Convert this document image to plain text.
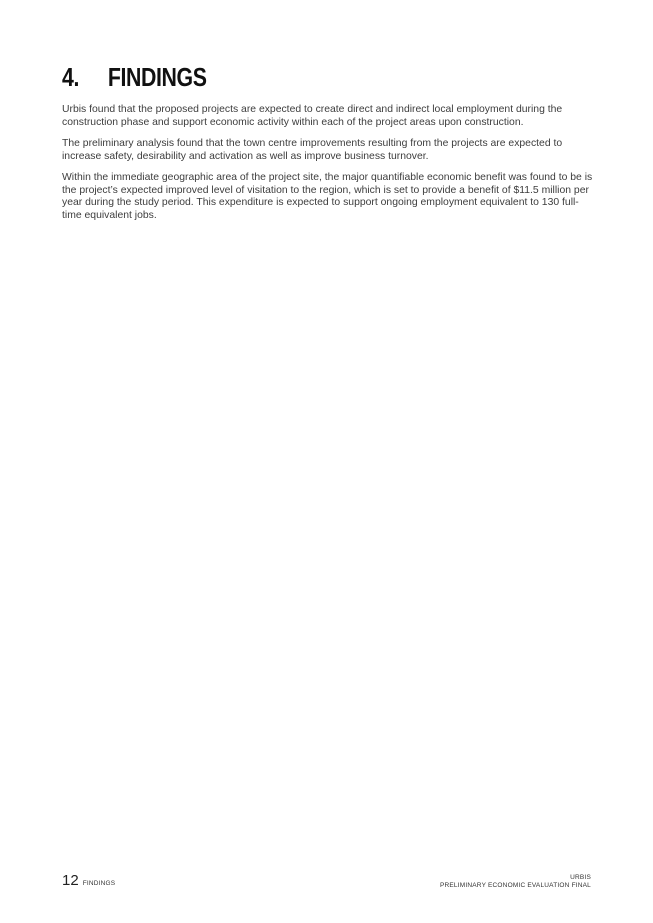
4. FINDINGS

Urbis found that the proposed projects are expected to create direct and indirect local employment during the construction phase and support economic activity within each of the project areas upon construction.

The preliminary analysis found that the town centre improvements resulting from the projects are expected to increase safety, desirability and activation as well as improve business turnover.

Within the immediate geographic area of the project site, the major quantifiable economic benefit was found to be is the project’s expected improved level of visitation to the region, which is set to provide a benefit of $11.5 million per year during the study period. This expenditure is expected to support ongoing employment equivalent to 130 full-time equivalent jobs.

12 FINDINGS
URBIS
PRELIMINARY ECONOMIC EVALUATION FINAL
